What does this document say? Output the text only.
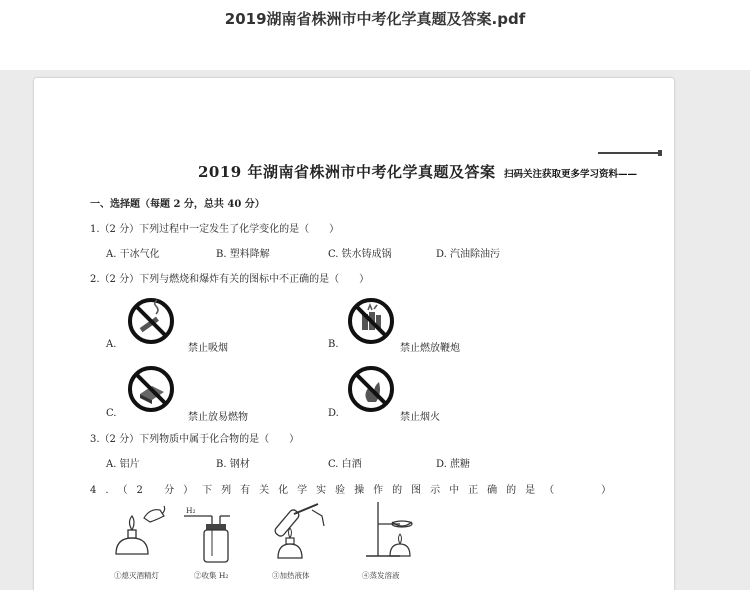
2019湖南省株洲市中考化学真题及答案.pdf
2019 年湖南省株洲市中考化学真题及答案 扫码关注获取更多学习资料——
一、选择题（每题 2 分，总共 40 分）
1.（2 分）下列过程中一定发生了化学变化的是（　　）
A. 干冰气化	B. 塑料降解	C. 铁水铸成锅	D. 汽油除油污
2.（2 分）下列与燃烧和爆炸有关的图标中不正确的是（　　）
A.	禁止吸烟	B.	禁止燃放鞭炮
C.	禁止放易燃物	D.	禁止烟火
3.（2 分）下列物质中属于化合物的是（　　）
A. 铝片	B. 钢材	C. 白酒	D. 蔗糖
4.（2 分）下列有关化学实验操作的图示中正确的是（　　）
①熄灭酒精灯
H₂
②收集 H₂	③加热液体	④蒸发溶液
